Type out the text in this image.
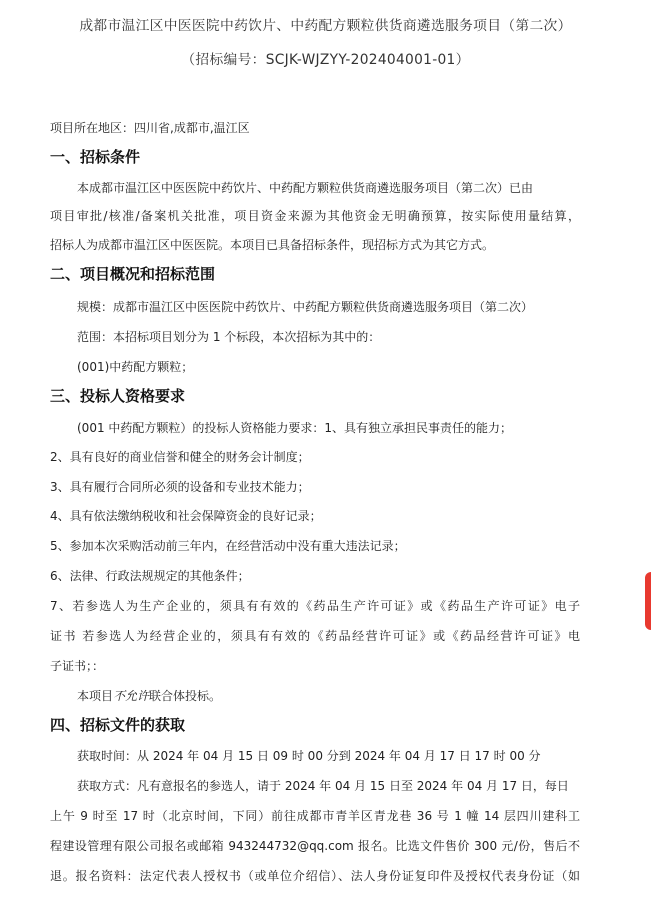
成都市温江区中医医院中药饮片、中药配方颗粒供货商遴选服务项目（第二次）
（招标编号：SCJK-WJZYY-202404001-01）
项目所在地区：四川省,成都市,温江区
一、招标条件
本成都市温江区中医医院中药饮片、中药配方颗粒供货商遴选服务项目（第二次）已由
项目审批/核准/备案机关批准，项目资金来源为其他资金无明确预算，按实际使用量结算，
招标人为成都市温江区中医医院。本项目已具备招标条件，现招标方式为其它方式。
二、项目概况和招标范围
规模：成都市温江区中医医院中药饮片、中药配方颗粒供货商遴选服务项目（第二次）
范围：本招标项目划分为 1 个标段，本次招标为其中的：
(001)中药配方颗粒；
三、投标人资格要求
(001 中药配方颗粒）的投标人资格能力要求：1、具有独立承担民事责任的能力；
2、具有良好的商业信誉和健全的财务会计制度；
3、具有履行合同所必须的设备和专业技术能力；
4、具有依法缴纳税收和社会保障资金的良好记录；
5、参加本次采购活动前三年内，在经营活动中没有重大违法记录；
6、法律、行政法规规定的其他条件；
7、若参选人为生产企业的，须具有有效的《药品生产许可证》或《药品生产许可证》电子
证书 若参选人为经营企业的，须具有有效的《药品经营许可证》或《药品经营许可证》电
子证书；：
本项目不允许联合体投标。
四、招标文件的获取
获取时间：从 2024 年 04 月 15 日 09 时 00 分到 2024 年 04 月 17 日 17 时 00 分
获取方式：凡有意报名的参选人，请于 2024 年 04 月 15 日至 2024 年 04 月 17 日，每日
上午 9 时至 17 时（北京时间，下同）前往成都市青羊区青龙巷 36 号 1 幢 14 层四川建科工
程建设管理有限公司报名或邮箱 943244732@qq.com 报名。比选文件售价 300 元/份，售后不
退。报名资料：法定代表人授权书（或单位介绍信）、法人身份证复印件及授权代表身份证（如
